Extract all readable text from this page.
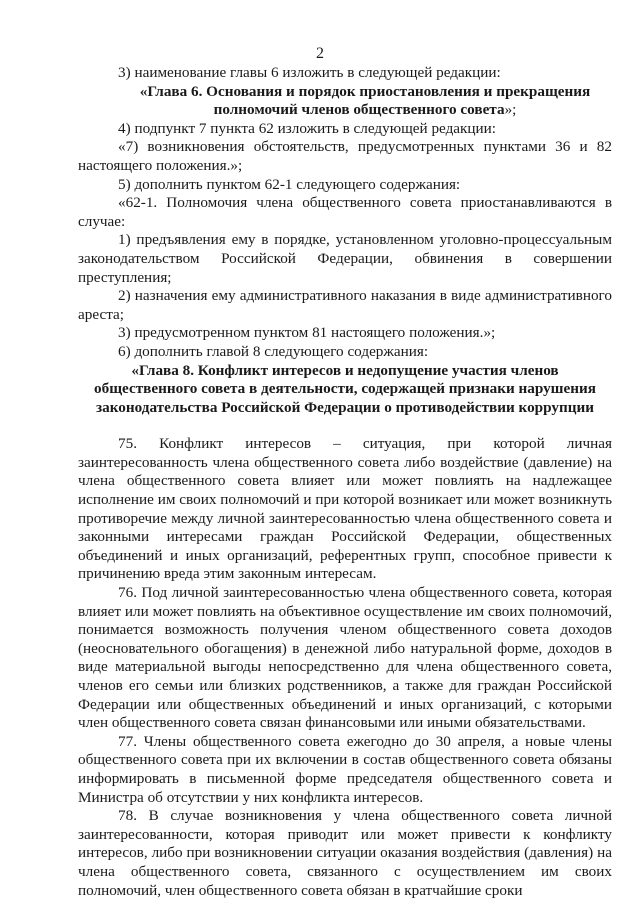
2

3) наименование главы 6 изложить в следующей редакции:

«Глава 6. Основания и порядок приостановления и прекращения полномочий членов общественного совета»;

4) подпункт 7 пункта 62 изложить в следующей редакции:

«7) возникновения обстоятельств, предусмотренных пунктами 36 и 82 настоящего положения.»;

5) дополнить пунктом 62-1 следующего содержания:

«62-1. Полномочия члена общественного совета приостанавливаются в случае:

1) предъявления ему в порядке, установленном уголовно-процессуальным законодательством Российской Федерации, обвинения в совершении преступления;

2) назначения ему административного наказания в виде административного ареста;

3) предусмотренном пунктом 81 настоящего положения.»;

6) дополнить главой 8 следующего содержания:

«Глава 8. Конфликт интересов и недопущение участия членов общественного совета в деятельности, содержащей признаки нарушения законодательства Российской Федерации о противодействии коррупции

75. Конфликт интересов – ситуация, при которой личная заинтересованность члена общественного совета либо воздействие (давление) на члена общественного совета влияет или может повлиять на надлежащее исполнение им своих полномочий и при которой возникает или может возникнуть противоречие между личной заинтересованностью члена общественного совета и законными интересами граждан Российской Федерации, общественных объединений и иных организаций, референтных групп, способное привести к причинению вреда этим законным интересам.

76. Под личной заинтересованностью члена общественного совета, которая влияет или может повлиять на объективное осуществление им своих полномочий, понимается возможность получения членом общественного совета доходов (неосновательного обогащения) в денежной либо натуральной форме, доходов в виде материальной выгоды непосредственно для члена общественного совета, членов его семьи или близких родственников, а также для граждан Российской Федерации или общественных объединений и иных организаций, с которыми член общественного совета связан финансовыми или иными обязательствами.

77. Члены общественного совета ежегодно до 30 апреля, а новые члены общественного совета при их включении в состав общественного совета обязаны информировать в письменной форме председателя общественного совета и Министра об отсутствии у них конфликта интересов.

78. В случае возникновения у члена общественного совета личной заинтересованности, которая приводит или может привести к конфликту интересов, либо при возникновении ситуации оказания воздействия (давления) на члена общественного совета, связанного с осуществлением им своих полномочий, член общественного совета обязан в кратчайшие сроки
